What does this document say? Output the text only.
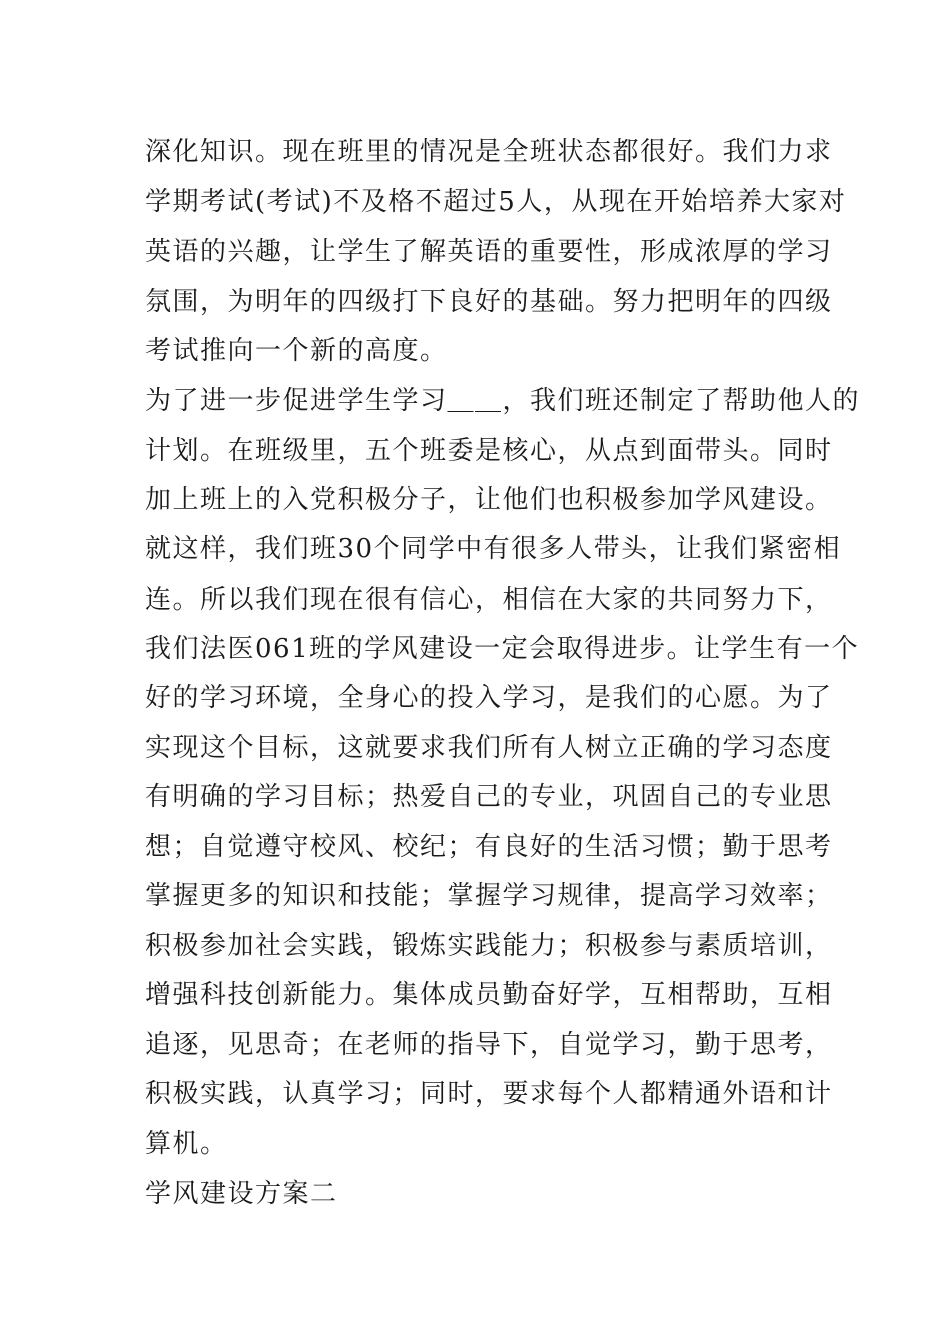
深化知识。现在班里的情况是全班状态都很好。我们力求
学期考试(考试)不及格不超过5人，从现在开始培养大家对
英语的兴趣，让学生了解英语的重要性，形成浓厚的学习
氛围，为明年的四级打下良好的基础。努力把明年的四级
考试推向一个新的高度。
为了进一步促进学生学习＿＿，我们班还制定了帮助他人的
计划。在班级里，五个班委是核心，从点到面带头。同时
加上班上的入党积极分子，让他们也积极参加学风建设。
就这样，我们班30个同学中有很多人带头，让我们紧密相
连。所以我们现在很有信心，相信在大家的共同努力下，
我们法医061班的学风建设一定会取得进步。让学生有一个
好的学习环境，全身心的投入学习，是我们的心愿。为了
实现这个目标，这就要求我们所有人树立正确的学习态度
有明确的学习目标；热爱自己的专业，巩固自己的专业思
想；自觉遵守校风、校纪；有良好的生活习惯；勤于思考
掌握更多的知识和技能；掌握学习规律，提高学习效率；
积极参加社会实践，锻炼实践能力；积极参与素质培训，
增强科技创新能力。集体成员勤奋好学，互相帮助，互相
追逐，见思奇；在老师的指导下，自觉学习，勤于思考，
积极实践，认真学习；同时，要求每个人都精通外语和计
算机。
学风建设方案二
